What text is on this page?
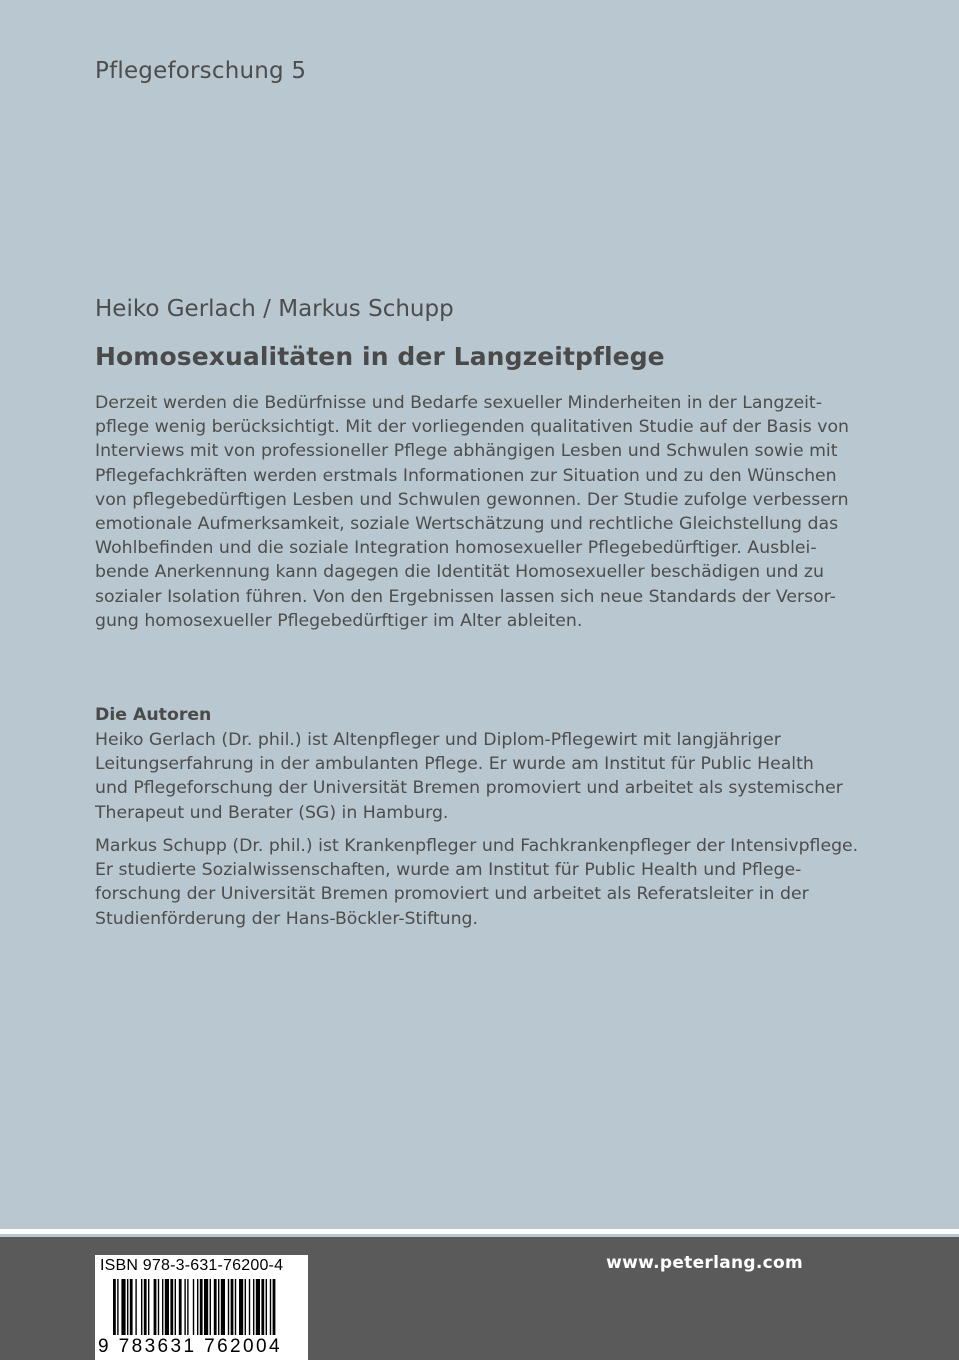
Pflegeforschung 5
Heiko Gerlach / Markus Schupp
Homosexualitäten in der Langzeitpflege
Derzeit werden die Bedürfnisse und Bedarfe sexueller Minderheiten in der Langzeit-
pflege wenig berücksichtigt. Mit der vorliegenden qualitativen Studie auf der Basis von
Interviews mit von professioneller Pflege abhängigen Lesben und Schwulen sowie mit
Pflegefachkräften werden erstmals Informationen zur Situation und zu den Wünschen
von pflegebedürftigen Lesben und Schwulen gewonnen. Der Studie zufolge verbessern
emotionale Aufmerksamkeit, soziale Wertschätzung und rechtliche Gleichstellung das
Wohlbefinden und die soziale Integration homosexueller Pflegebedürftiger. Ausblei-
bende Anerkennung kann dagegen die Identität Homosexueller beschädigen und zu
sozialer Isolation führen. Von den Ergebnissen lassen sich neue Standards der Versor-
gung homosexueller Pflegebedürftiger im Alter ableiten.
Die Autoren
Heiko Gerlach (Dr. phil.) ist Altenpfleger und Diplom-Pflegewirt mit langjähriger
Leitungserfahrung in der ambulanten Pflege. Er wurde am Institut für Public Health
und Pflegeforschung der Universität Bremen promoviert und arbeitet als systemischer
Therapeut und Berater (SG) in Hamburg.
Markus Schupp (Dr. phil.) ist Krankenpfleger und Fachkrankenpfleger der Intensivpflege.
Er studierte Sozialwissenschaften, wurde am Institut für Public Health und Pflege-
forschung der Universität Bremen promoviert und arbeitet als Referatsleiter in der
Studienförderung der Hans-Böckler-Stiftung.
www.peterlang.com
ISBN 978-3-631-76200-4
9 783631 762004
